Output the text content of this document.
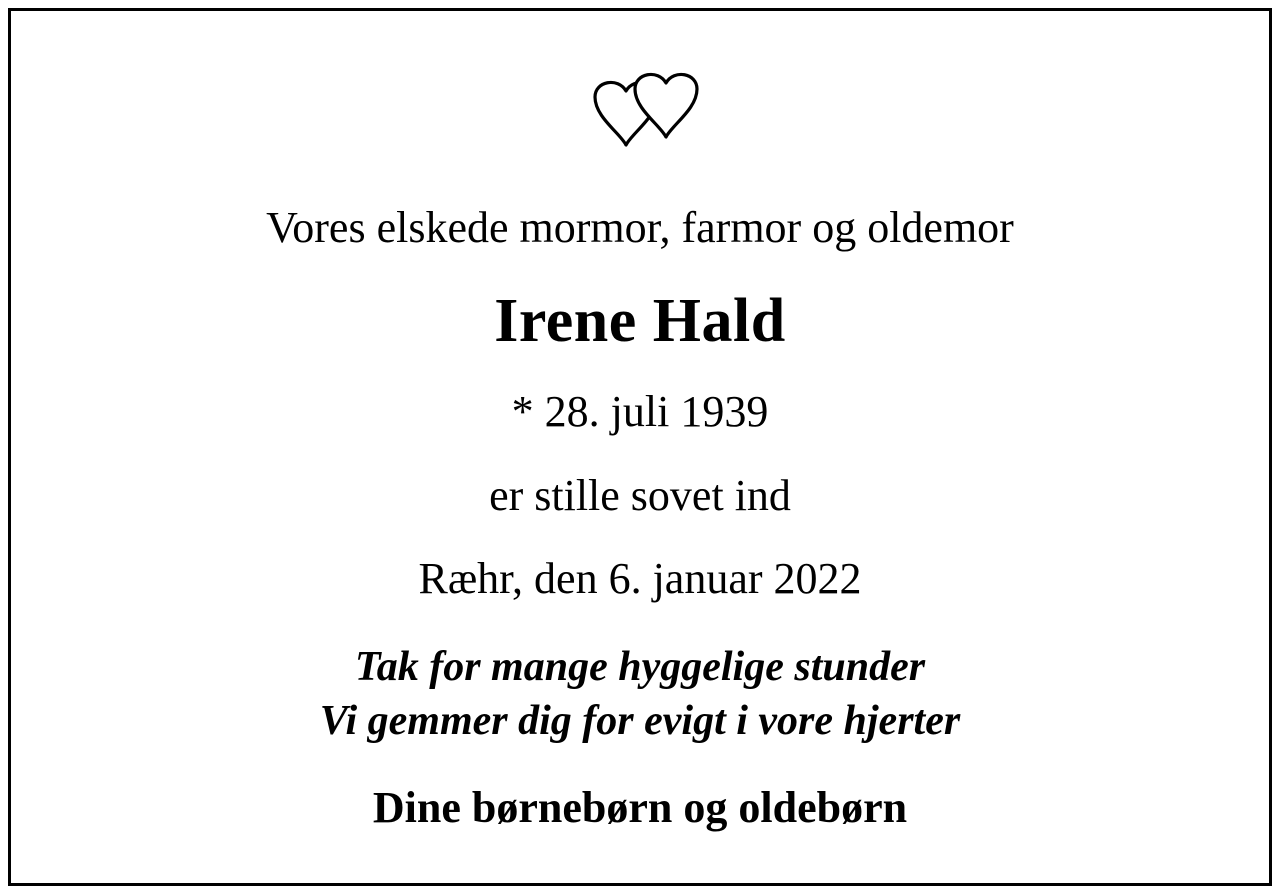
Vores elskede mormor, farmor og oldemor
Irene Hald
* 28. juli 1939
er stille sovet ind
Ræhr, den 6. januar 2022
Tak for mange hyggelige stunder
Vi gemmer dig for evigt i vore hjerter
Dine børnebørn og oldebørn
